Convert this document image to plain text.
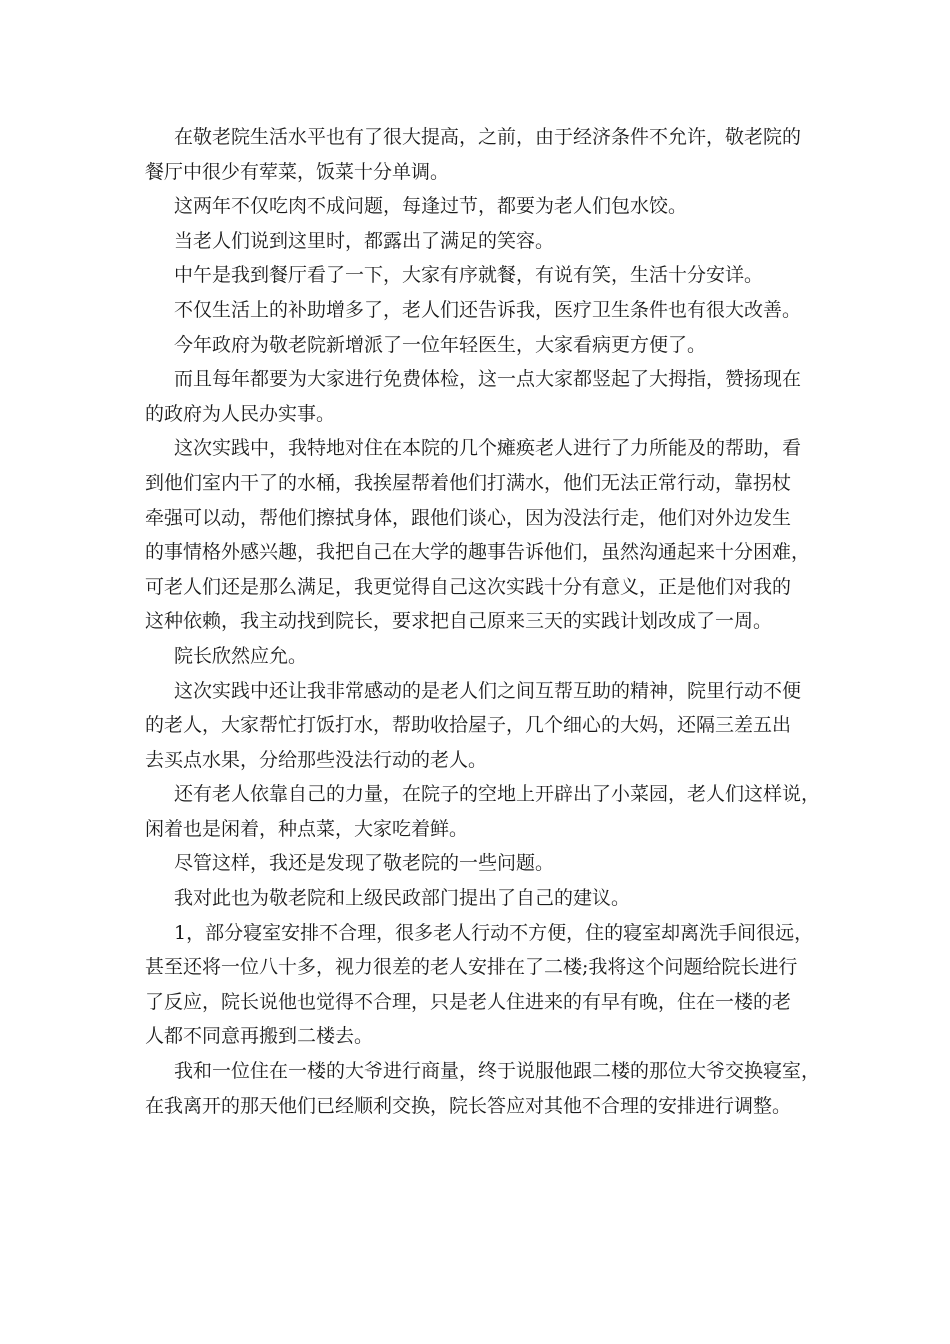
在敬老院生活水平也有了很大提高，之前，由于经济条件不允许，敬老院的
餐厅中很少有荤菜，饭菜十分单调。
这两年不仅吃肉不成问题，每逢过节，都要为老人们包水饺。
当老人们说到这里时，都露出了满足的笑容。
中午是我到餐厅看了一下，大家有序就餐，有说有笑，生活十分安详。
不仅生活上的补助增多了，老人们还告诉我，医疗卫生条件也有很大改善。
今年政府为敬老院新增派了一位年轻医生，大家看病更方便了。
而且每年都要为大家进行免费体检，这一点大家都竖起了大拇指，赞扬现在
的政府为人民办实事。
这次实践中，我特地对住在本院的几个瘫痪老人进行了力所能及的帮助，看
到他们室内干了的水桶，我挨屋帮着他们打满水，他们无法正常行动，靠拐杖
牵强可以动，帮他们擦拭身体，跟他们谈心，因为没法行走，他们对外边发生
的事情格外感兴趣，我把自己在大学的趣事告诉他们，虽然沟通起来十分困难，
可老人们还是那么满足，我更觉得自己这次实践十分有意义，正是他们对我的
这种依赖，我主动找到院长，要求把自己原来三天的实践计划改成了一周。
院长欣然应允。
这次实践中还让我非常感动的是老人们之间互帮互助的精神，院里行动不便
的老人，大家帮忙打饭打水，帮助收拾屋子，几个细心的大妈，还隔三差五出
去买点水果，分给那些没法行动的老人。
还有老人依靠自己的力量，在院子的空地上开辟出了小菜园，老人们这样说，
闲着也是闲着，种点菜，大家吃着鲜。
尽管这样，我还是发现了敬老院的一些问题。
我对此也为敬老院和上级民政部门提出了自己的建议。
1，部分寝室安排不合理，很多老人行动不方便，住的寝室却离洗手间很远，
甚至还将一位八十多，视力很差的老人安排在了二楼;我将这个问题给院长进行
了反应，院长说他也觉得不合理，只是老人住进来的有早有晚，住在一楼的老
人都不同意再搬到二楼去。
我和一位住在一楼的大爷进行商量，终于说服他跟二楼的那位大爷交换寝室，
在我离开的那天他们已经顺利交换，院长答应对其他不合理的安排进行调整。
